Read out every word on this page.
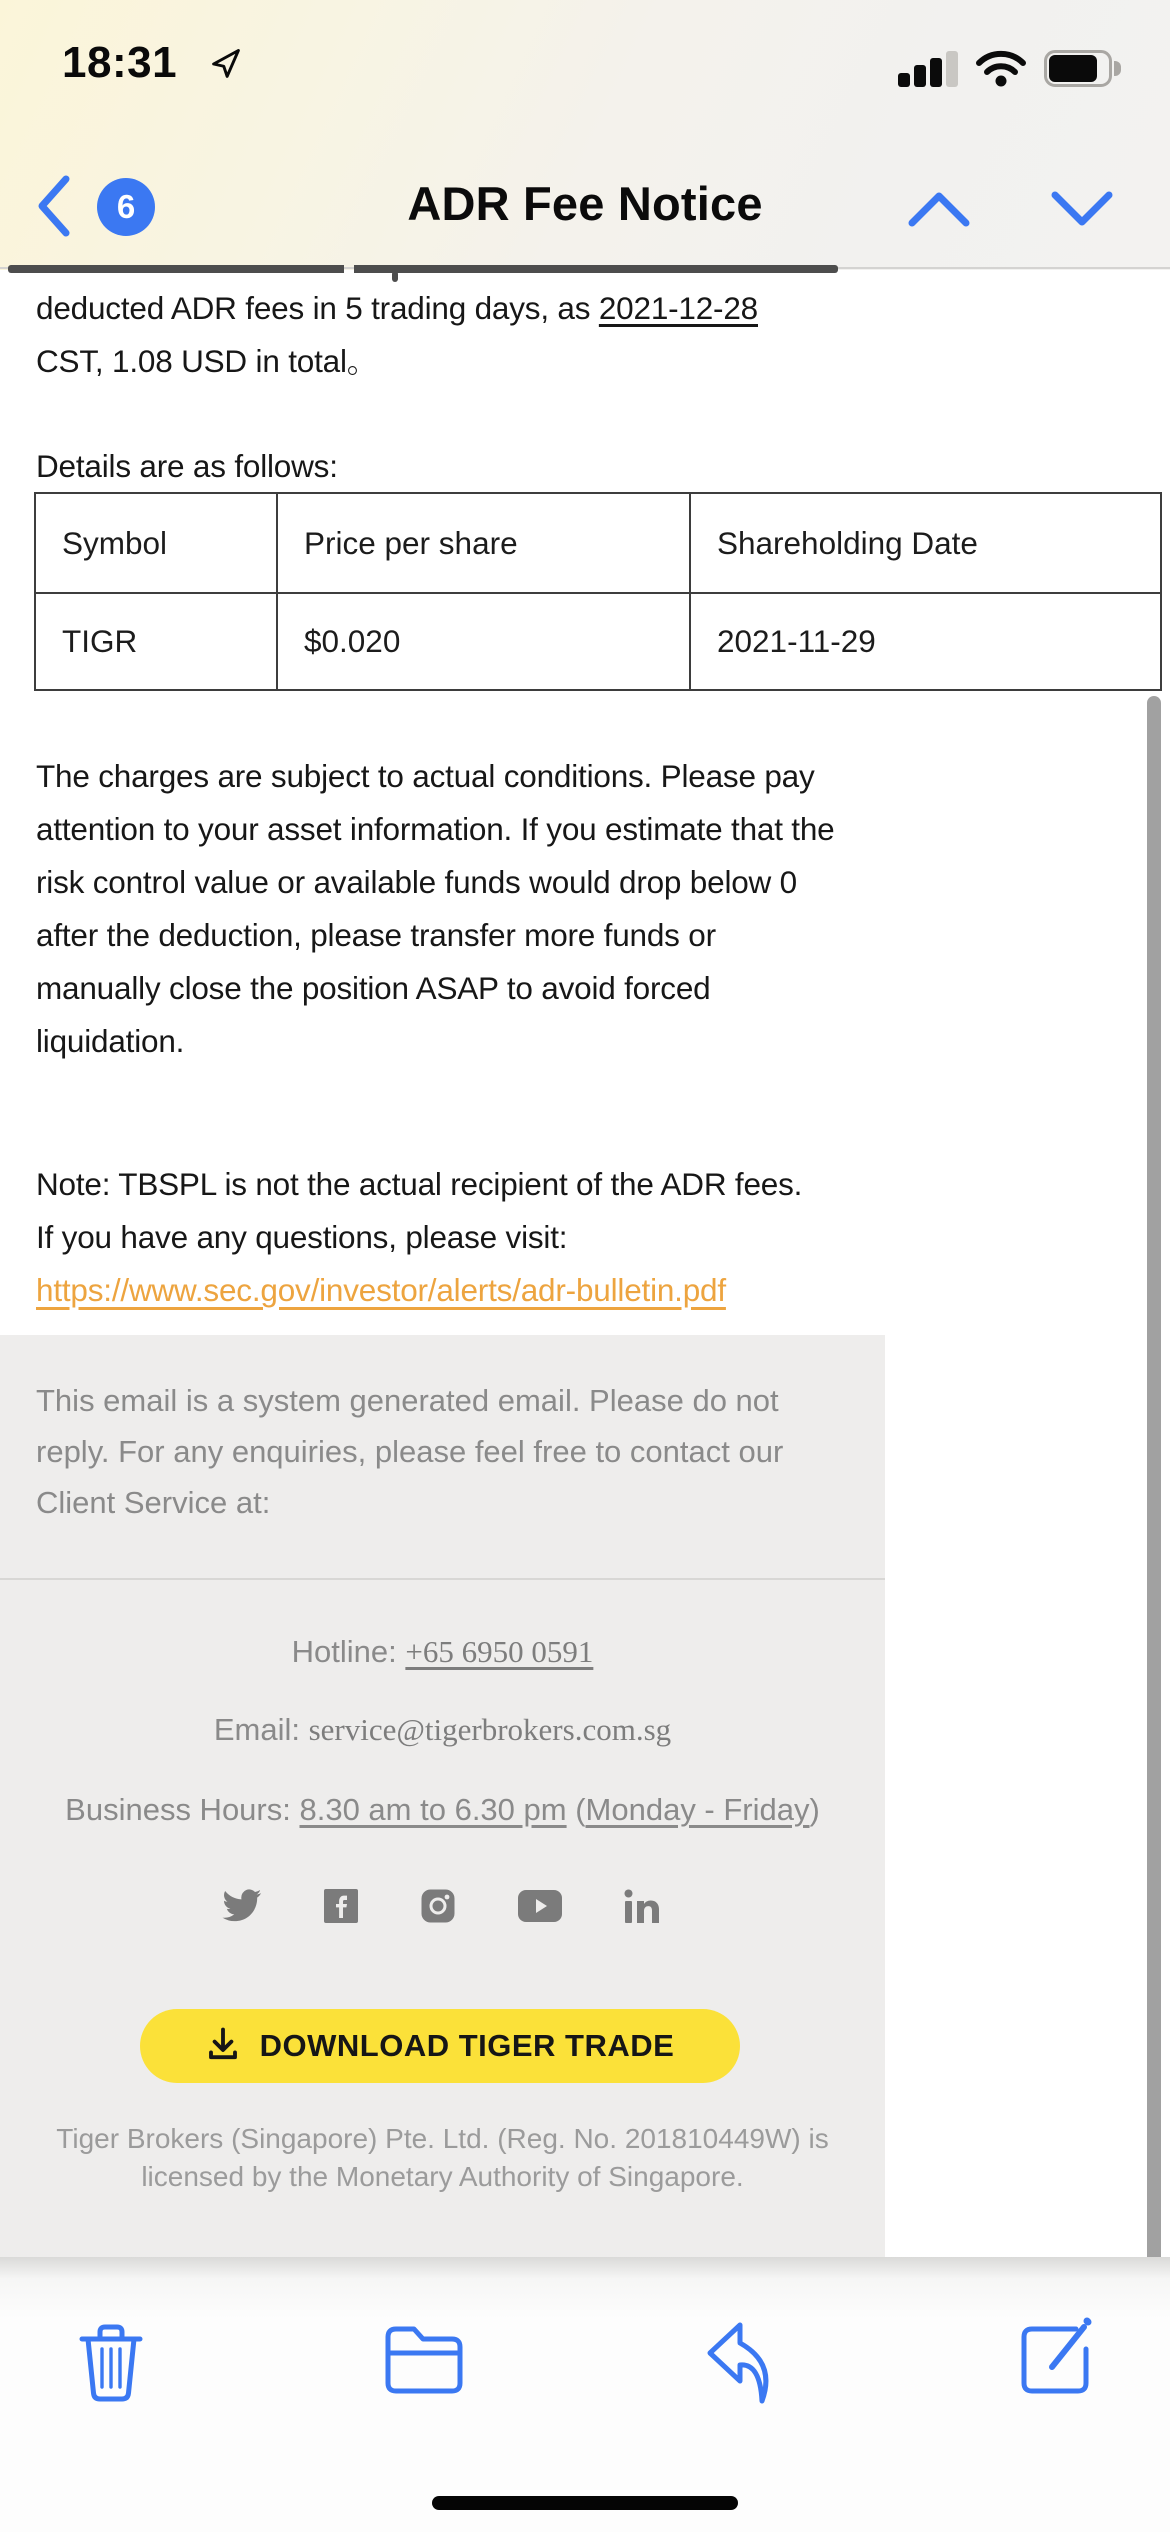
18:31
6	ADR Fee Notice
deducted ADR fees in 5 trading days, as 2021-12-28
CST, 1.08 USD in total。
Details are as follows:
Symbol	Price per share	Shareholding Date
TIGR	$0.020	2021-11-29
The charges are subject to actual conditions. Please pay attention to your asset information. If you estimate that the risk control value or available funds would drop below 0 after the deduction, please transfer more funds or manually close the position ASAP to avoid forced liquidation.
Note: TBSPL is not the actual recipient of the ADR fees.
If you have any questions, please visit:
https://www.sec.gov/investor/alerts/adr-bulletin.pdf
This email is a system generated email. Please do not reply. For any enquiries, please feel free to contact our Client Service at:
Hotline: +65 6950 0591
Email: service@tigerbrokers.com.sg
Business Hours: 8.30 am to 6.30 pm (Monday - Friday)
DOWNLOAD TIGER TRADE
Tiger Brokers (Singapore) Pte. Ltd. (Reg. No. 201810449W) is
licensed by the Monetary Authority of Singapore.
